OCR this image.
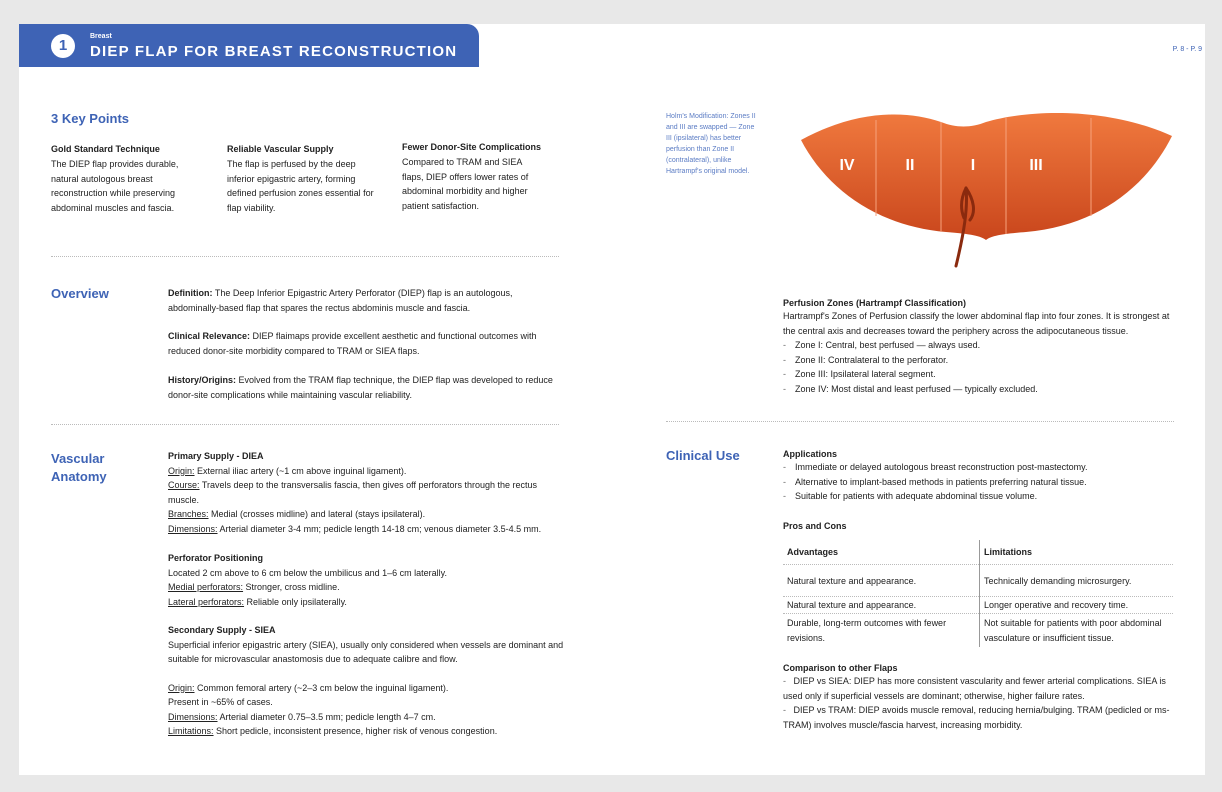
1
Breast
DIEP FLAP FOR BREAST RECONSTRUCTION	P. 8 - P. 9
3 Key Points
Gold Standard Technique
The DIEP flap provides durable, natural autologous breast reconstruction while preserving abdominal muscles and fascia.
Reliable Vascular Supply
The flap is perfused by the deep inferior epigastric artery, forming defined perfusion zones essential for flap viability.
Fewer Donor-Site Complications
Compared to TRAM and SIEA flaps, DIEP offers lower rates of abdominal morbidity and higher patient satisfaction.
Overview	Definition: The Deep Inferior Epigastric Artery Perforator (DIEP) flap is an autologous, abdominally-based flap that spares the rectus abdominis muscle and fascia.
Clinical Relevance: DIEP flaimaps provide excellent aesthetic and functional outcomes with reduced donor-site morbidity compared to TRAM or SIEA flaps.
History/Origins: Evolved from the TRAM flap technique, the DIEP flap was developed to reduce donor-site complications while maintaining vascular reliability.
Vascular
Anatomy
Primary Supply - DIEA
Origin: External iliac artery (~1 cm above inguinal ligament).
Course: Travels deep to the transversalis fascia, then gives off perforators through the rectus muscle.
Branches: Medial (crosses midline) and lateral (stays ipsilateral).
Dimensions: Arterial diameter 3-4 mm; pedicle length 14-18 cm; venous diameter 3.5-4.5 mm.
Perforator Positioning
Located 2 cm above to 6 cm below the umbilicus and 1–6 cm laterally.
Medial perforators: Stronger, cross midline.
Lateral perforators: Reliable only ipsilaterally.
Secondary Supply - SIEA
Superficial inferior epigastric artery (SIEA), usually only considered when vessels are dominant and suitable for microvascular anastomosis due to adequate calibre and flow.
Origin: Common femoral artery (~2–3 cm below the inguinal ligament).
Present in ~65% of cases.
Dimensions: Arterial diameter 0.75–3.5 mm; pedicle length 4–7 cm.
Limitations: Short pedicle, inconsistent presence, higher risk of venous congestion.
Holm's Modification: Zones II and III are swapped — Zone III (ipsilateral) has better perfusion than Zone II (contralateral), unlike Hartrampf's original model.	IV	II	I	III
Perfusion Zones (Hartrampf Classification)
Hartrampf's Zones of Perfusion classify the lower abdominal flap into four zones. It is strongest at the central axis and decreases toward the periphery across the adipocutaneous tissue.
- Zone I: Central, best perfused — always used.
- Zone II: Contralateral to the perforator.
- Zone III: Ipsilateral lateral segment.
- Zone IV: Most distal and least perfused — typically excluded.
Clinical Use	Applications
- Immediate or delayed autologous breast reconstruction post-mastectomy.
- Alternative to implant-based methods in patients preferring natural tissue.
- Suitable for patients with adequate abdominal tissue volume.
Pros and Cons
Advantages	Limitations
Natural texture and appearance.	Technically demanding microsurgery.
Natural texture and appearance.	Longer operative and recovery time.
Durable, long-term outcomes with fewer revisions.	Not suitable for patients with poor abdominal vasculature or insufficient tissue.
Comparison to other Flaps
-   DIEP vs SIEA: DIEP has more consistent vascularity and fewer arterial complications. SIEA is used only if superficial vessels are dominant; otherwise, higher failure rates.
-   DIEP vs TRAM: DIEP avoids muscle removal, reducing hernia/bulging. TRAM (pedicled or ms-TRAM) involves muscle/fascia harvest, increasing morbidity.
